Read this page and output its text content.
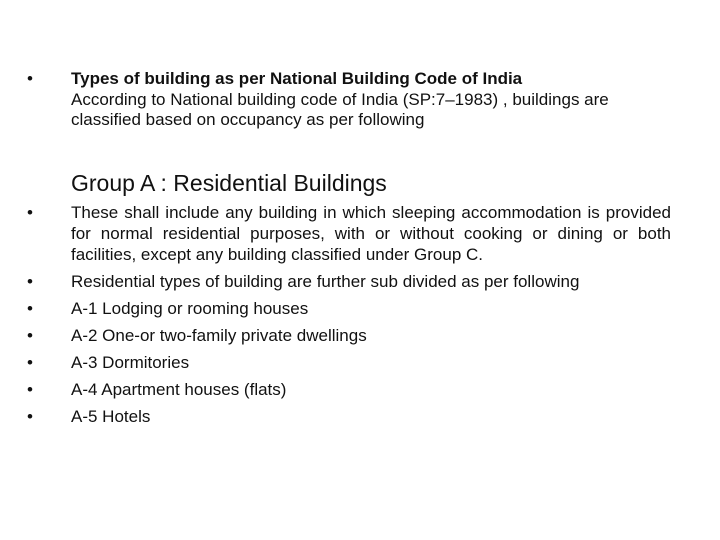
•	Types of building as per National Building Code of India
According to National building code of India (SP:7–1983) , buildings are classified based on occupancy as per following
Group A : Residential Buildings
•	These shall include any building in which sleeping accommodation is provided for normal residential purposes, with or without cooking or dining or both facilities, except any building classified under Group C.
•	Residential types of building are further sub divided as per following
•	A-1 Lodging or rooming houses
•	A-2 One-or two-family private dwellings
•	A-3 Dormitories
•	A-4 Apartment houses (flats)
•	A-5 Hotels
